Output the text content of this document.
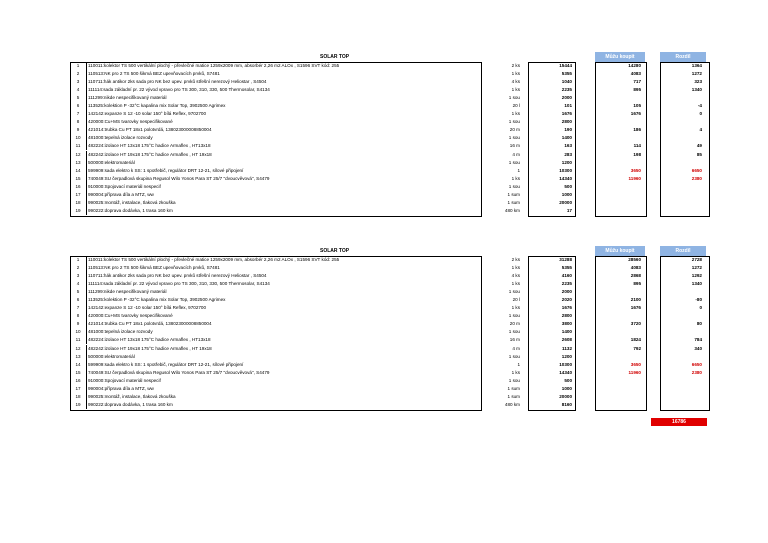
SOLAR TOP	Můžu koupit	Rozdíl
1	110011:kolektor TS 500 vertikální plochý - převlečné matice 1259x2009 mm, absorbér 2,26 m2 ALOx , S1596 SVT kód: 255	2 ks	15444	14280	1364
2	110513:NK pro 2 TS 500 šikmá BEZ upevňovacích prvků, S7481	1 ks	5355	4083	1272
3	110711:hák antikor 2ks sada pro NK bez upev. prvků střešní nerezový Heliostar , S4504	4 ks	1040	717	323
4	111114:sada základní pr. 22 vývod vpravo pro TS 300, 310, 330, 500 Thermosolar, S4134	1 ks	2235	895	1340
5	111299:nikde nespecifikovaný materiál	1 sou	2000
6	113525:kolektion P -32°C kapalina mix Solar Top, 3902500 Agrimex	20 l	101	105	-4
7	142142:expanze S 12 -10 solar 150° bílá Reflex, 9702700	1 ks	1676	1676	0
8	420000:Cu+MS tvarovky nespecifikované	1 sou	2800
9	421014:trubka Cu PT 18x1 polotvrdá, 138023000008850004	20 m	190	186	4
10	481000:tepelná izolace rozvody	1 sou	1400
11	482224:izolace HT 13x18 175°C hadice Armaflex , HT13x18	16 m	163	114	49
12	482242:izolace HT 19x18 175°C hadice Armaflex , HT 19x18	4 m	283	198	85
13	500000:elektromateriál	1 sou	1200
14	599909:sada elektro k SS: 1 spotřebič, regulátor DRT 12-21, sílové připojení	1	10300	3650	6650
15	740049:SU čerpadlová skupina Regusol Wilo Yonos Para ST 25/7 "dvoucvěvová", S4479	1 ks	14340	11960	2380
16	910000:Spojovací materiál nespecif	1 sou	500
17	990004:příprava díla a MTZ, ww	1 sum	1000
18	990025:montáž, instalace, tlaková zkouška	1 sum	20000
19	990222:doprava dodávka, 1 trasa 160 km	480 km	17
SOLAR TOP	Můžu koupit	Rozdíl
1	110011:kolektor TS 500 vertikální plochý - převlečné matice 1259x2009 mm, absorbér 2,26 m2 ALOx , S1596 SVT kód: 255	2 ks	31288	28560	2728
2	110513:NK pro 2 TS 500 šikmá BEZ upevňovacích prvků, S7481	1 ks	5355	4083	1272
3	110711:hák antikor 2ks sada pro NK bez upev. prvků střešní nerezový Heliostar , S4504	4 ks	4160	2868	1292
4	111114:sada základní pr. 22 vývod vpravo pro TS 300, 310, 330, 500 Thermosolar, S4134	1 ks	2235	895	1340
5	111299:nikde nespecifikovaný materiál	1 sou	2000
6	113525:kolektion P -32°C kapalina mix Solar Top, 3902500 Agrimex	20 l	2020	2100	-80
7	142142:expanze S 12 -10 solar 150° bílá Reflex, 9702700	1 ks	1676	1676	0
8	420000:Cu+MS tvarovky nespecifikované	1 sou	2800
9	421014:trubka Cu PT 18x1 polotvrdá, 138023000008850004	20 m	3800	3720	80
10	481000:tepelná izolace rozvody	1 sou	1400
11	482224:izolace HT 13x18 175°C hadice Armaflex , HT13x18	16 m	2608	1824	784
12	482242:izolace HT 19x18 175°C hadice Armaflex , HT 19x18	4 m	1132	792	340
13	500000:elektromateriál	1 sou	1200
14	599909:sada elektro k SS: 1 spotřebič, regulátor DRT 12-21, sílové připojení	1	10300	3650	6650
15	740049:SU čerpadlová skupina Regusol Wilo Yonos Para ST 25/7 "dvoucvěvová", S4479	1 ks	14340	11960	2380
16	910000:Spojovací materiál nespecif	1 sou	500
17	990004:příprava díla a MTZ, ww	1 sum	1000
18	990025:montáž, instalace, tlaková zkouška	1 sum	20000
19	990222:doprava dodávka, 1 trasa 160 km	480 km	8160
16786
